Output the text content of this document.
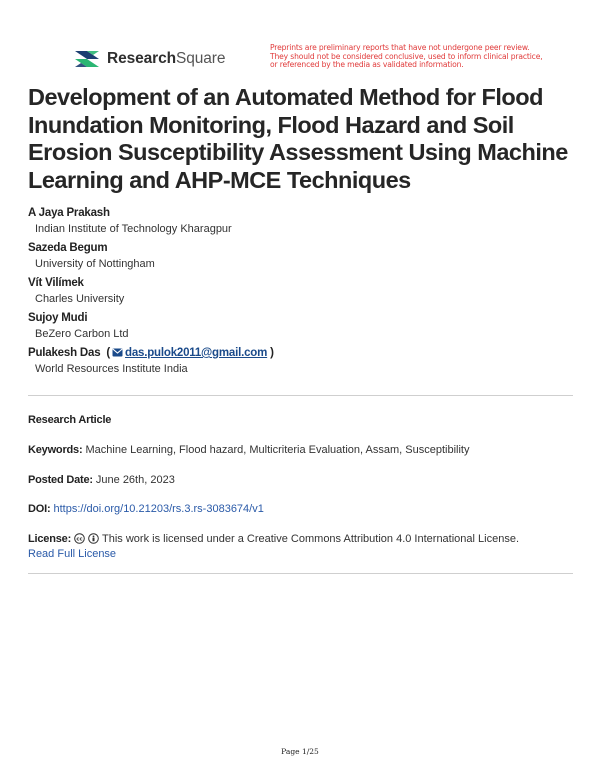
ResearchSquare
Preprints are preliminary reports that have not undergone peer review.
They should not be considered conclusive, used to inform clinical practice,
or referenced by the media as validated information.
Development of an Automated Method for Flood Inundation Monitoring, Flood Hazard and Soil Erosion Susceptibility Assessment Using Machine Learning and AHP-MCE Techniques
A Jaya Prakash
Indian Institute of Technology Kharagpur
Sazeda Begum
University of Nottingham
Vít Vilímek
Charles University
Sujoy Mudi
BeZero Carbon Ltd
Pulakesh Das  ( das.pulok2011@gmail.com )
World Resources Institute India
Research Article
Keywords: Machine Learning, Flood hazard, Multicriteria Evaluation, Assam, Susceptibility
Posted Date: June 26th, 2023
DOI: https://doi.org/10.21203/rs.3.rs-3083674/v1
License: cc This work is licensed under a Creative Commons Attribution 4.0 International License.
Read Full License
Page 1/25
